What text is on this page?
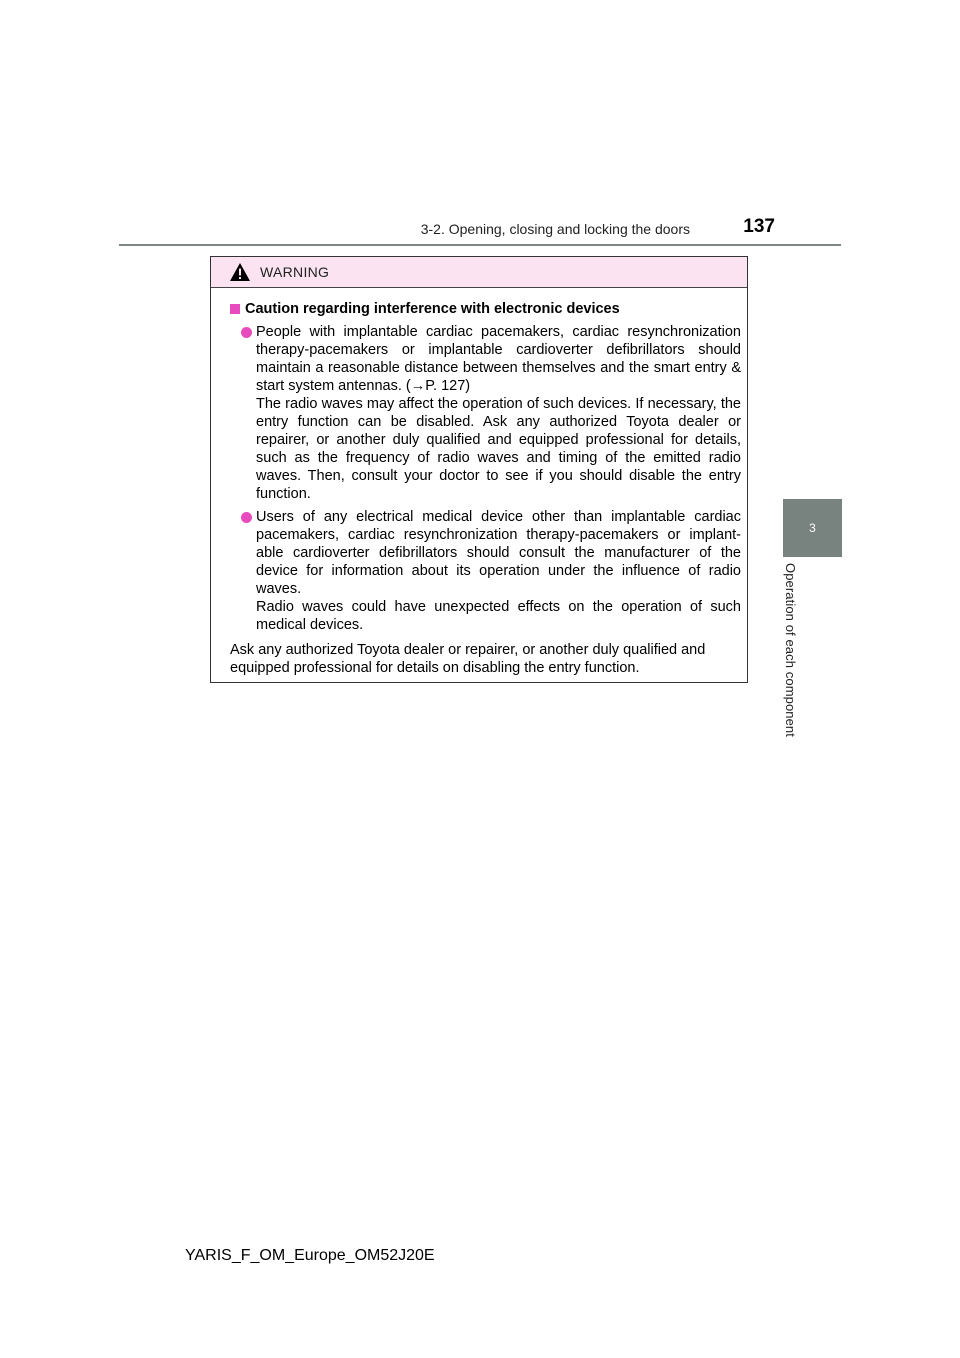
3-2. Opening, closing and locking the doors	137
3
Operation of each component
WARNING
Caution regarding interference with electronic devices

People with implantable cardiac pacemakers, cardiac resynchronization therapy-pacemakers or implantable cardioverter defibrillators should maintain a reasonable distance between themselves and the smart entry & start system antennas. (→P. 127)

The radio waves may affect the operation of such devices. If necessary, the entry function can be disabled. Ask any authorized Toyota dealer or repairer, or another duly qualified and equipped professional for details, such as the frequency of radio waves and timing of the emitted radio waves. Then, consult your doctor to see if you should disable the entry function.

Users of any electrical medical device other than implantable cardiac pacemakers, cardiac resynchronization therapy-pacemakers or implant-able cardioverter defibrillators should consult the manufacturer of the device for information about its operation under the influence of radio waves.

Radio waves could have unexpected effects on the operation of such medical devices.

Ask any authorized Toyota dealer or repairer, or another duly qualified and equipped professional for details on disabling the entry function.

YARIS_F_OM_Europe_OM52J20E
